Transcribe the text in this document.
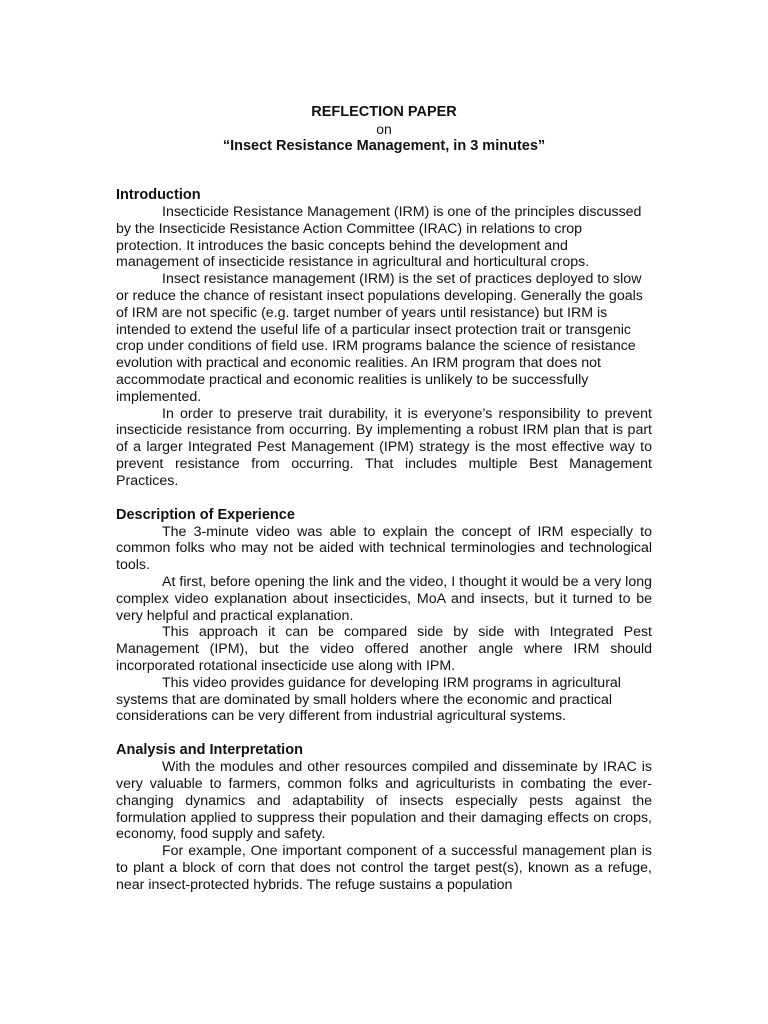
REFLECTION PAPER
on
“Insect Resistance Management, in 3 minutes”
Introduction

Insecticide Resistance Management (IRM) is one of the principles discussed by the Insecticide Resistance Action Committee (IRAC) in relations to crop protection. It introduces the basic concepts behind the development and management of insecticide resistance in agricultural and horticultural crops.

Insect resistance management (IRM) is the set of practices deployed to slow or reduce the chance of resistant insect populations developing. Generally the goals of IRM are not specific (e.g. target number of years until resistance) but IRM is intended to extend the useful life of a particular insect protection trait or transgenic crop under conditions of field use. IRM programs balance the science of resistance evolution with practical and economic realities. An IRM program that does not accommodate practical and economic realities is unlikely to be successfully implemented.

In order to preserve trait durability, it is everyone’s responsibility to prevent insecticide resistance from occurring. By implementing a robust IRM plan that is part of a larger Integrated Pest Management (IPM) strategy is the most effective way to prevent resistance from occurring. That includes multiple Best Management Practices.

Description of Experience

The 3-minute video was able to explain the concept of IRM especially to common folks who may not be aided with technical terminologies and technological tools.

At first, before opening the link and the video, I thought it would be a very long complex video explanation about insecticides, MoA and insects, but it turned to be very helpful and practical explanation.

This approach it can be compared side by side with Integrated Pest Management (IPM), but the video offered another angle where IRM should incorporated rotational insecticide use along with IPM.

This video provides guidance for developing IRM programs in agricultural systems that are dominated by small holders where the economic and practical considerations can be very different from industrial agricultural systems.

Analysis and Interpretation

With the modules and other resources compiled and disseminate by IRAC is very valuable to farmers, common folks and agriculturists in combating the ever-changing dynamics and adaptability of insects especially pests against the formulation applied to suppress their population and their damaging effects on crops, economy, food supply and safety.

For example, One important component of a successful management plan is to plant a block of corn that does not control the target pest(s), known as a refuge, near insect-protected hybrids. The refuge sustains a population
